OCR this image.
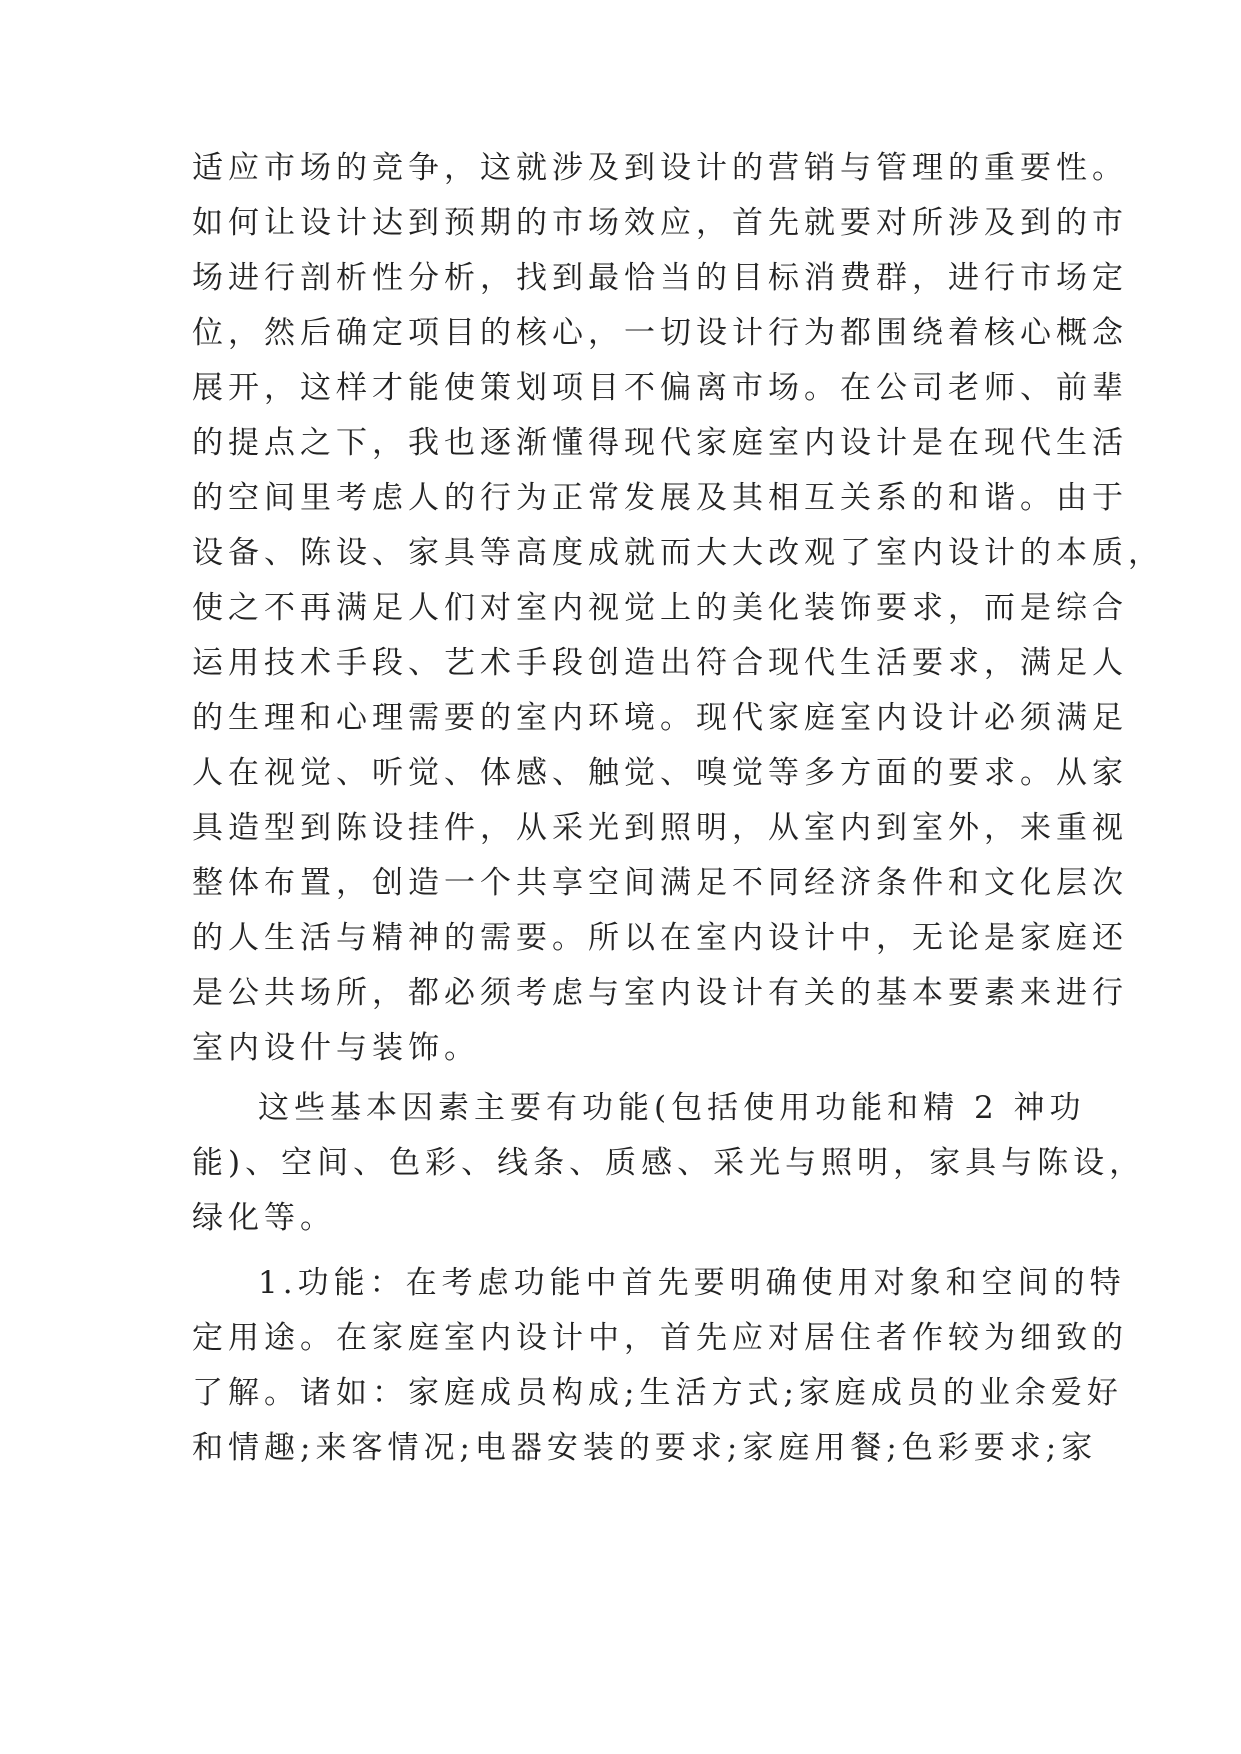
适应市场的竞争，这就涉及到设计的营销与管理的重要性。
如何让设计达到预期的市场效应，首先就要对所涉及到的市
场进行剖析性分析，找到最恰当的目标消费群，进行市场定
位，然后确定项目的核心，一切设计行为都围绕着核心概念
展开，这样才能使策划项目不偏离市场。在公司老师、前辈
的提点之下，我也逐渐懂得现代家庭室内设计是在现代生活
的空间里考虑人的行为正常发展及其相互关系的和谐。由于
设备、陈设、家具等高度成就而大大改观了室内设计的本质，
使之不再满足人们对室内视觉上的美化装饰要求，而是综合
运用技术手段、艺术手段创造出符合现代生活要求，满足人
的生理和心理需要的室内环境。现代家庭室内设计必须满足
人在视觉、听觉、体感、触觉、嗅觉等多方面的要求。从家
具造型到陈设挂件，从采光到照明，从室内到室外，来重视
整体布置，创造一个共享空间满足不同经济条件和文化层次
的人生活与精神的需要。所以在室内设计中，无论是家庭还
是公共场所，都必须考虑与室内设计有关的基本要素来进行
室内设什与装饰。
这些基本因素主要有功能(包括使用功能和精 2 神功
能)、空间、色彩、线条、质感、采光与照明，家具与陈设，
绿化等。
1.功能：在考虑功能中首先要明确使用对象和空间的特
定用途。在家庭室内设计中，首先应对居住者作较为细致的
了解。诸如：家庭成员构成;生活方式;家庭成员的业余爱好
和情趣;来客情况;电器安装的要求;家庭用餐;色彩要求;家
